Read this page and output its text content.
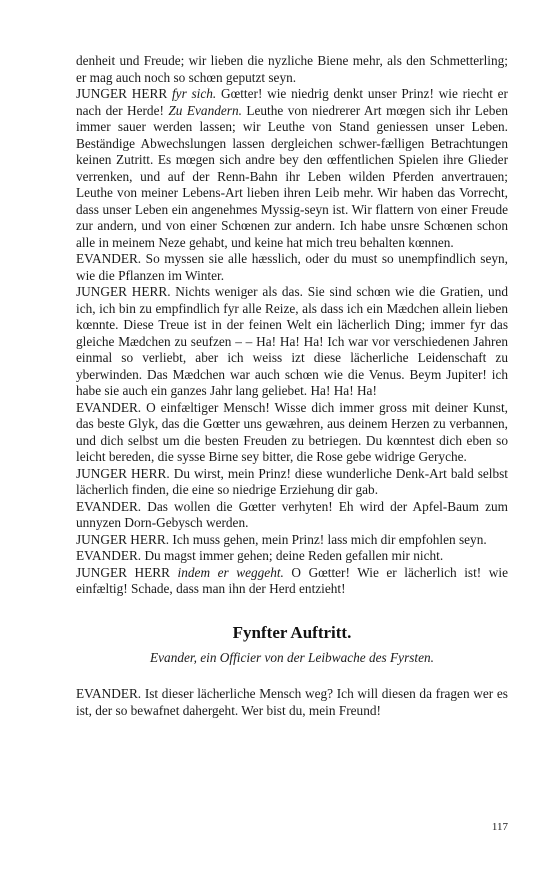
denheit und Freude; wir lieben die nyzliche Biene mehr, als den Schmetterling; er mag auch noch so schœn geputzt seyn.

JUNGER HERR fyr sich. Gœtter! wie niedrig denkt unser Prinz! wie riecht er nach der Herde! Zu Evandern. Leuthe von niedrerer Art mœgen sich ihr Leben immer sauer werden lassen; wir Leuthe von Stand geniessen unser Leben. Beständige Abwechslungen lassen dergleichen schwer-fælligen Betrachtungen keinen Zutritt. Es mœgen sich andre bey den œffentlichen Spielen ihre Glieder verrenken, und auf der Renn-Bahn ihr Leben wilden Pferden anvertrauen; Leuthe von meiner Lebens-Art lieben ihren Leib mehr. Wir haben das Vorrecht, dass unser Leben ein angenehmes Myssig-seyn ist. Wir flattern von einer Freude zur andern, und von einer Schœnen zur andern. Ich habe unsre Schœnen schon alle in meinem Neze gehabt, und keine hat mich treu behalten kœnnen.

EVANDER. So myssen sie alle hæsslich, oder du must so unempfindlich seyn, wie die Pflanzen im Winter.

JUNGER HERR. Nichts weniger als das. Sie sind schœn wie die Gratien, und ich, ich bin zu empfindlich fyr alle Reize, als dass ich ein Mædchen allein lieben kœnnte. Diese Treue ist in der feinen Welt ein lächerlich Ding; immer fyr das gleiche Mædchen zu seufzen – – Ha! Ha! Ha! Ich war vor verschiedenen Jahren einmal so verliebt, aber ich weiss izt diese lächerliche Leidenschaft zu yberwinden. Das Mædchen war auch schœn wie die Venus. Beym Jupiter! ich habe sie auch ein ganzes Jahr lang geliebet. Ha! Ha! Ha!

EVANDER. O einfæltiger Mensch! Wisse dich immer gross mit deiner Kunst, das beste Glyk, das die Gœtter uns gewæhren, aus deinem Herzen zu verbannen, und dich selbst um die besten Freuden zu betriegen. Du kœnntest dich eben so leicht bereden, die sysse Birne sey bitter, die Rose gebe widrige Geryche.

JUNGER HERR. Du wirst, mein Prinz! diese wunderliche Denk-Art bald selbst lächerlich finden, die eine so niedrige Erziehung dir gab.

EVANDER. Das wollen die Gœtter verhyten! Eh wird der Apfel-Baum zum unnyzen Dorn-Gebysch werden.

JUNGER HERR. Ich muss gehen, mein Prinz! lass mich dir empfohlen seyn.

EVANDER. Du magst immer gehen; deine Reden gefallen mir nicht.

JUNGER HERR indem er weggeht. O Gœtter! Wie er lächerlich ist! wie einfæltig! Schade, dass man ihn der Herd entzieht!

Fynfter Auftritt.

Evander, ein Officier von der Leibwache des Fyrsten.

EVANDER. Ist dieser lächerliche Mensch weg? Ich will diesen da fragen wer es ist, der so bewafnet dahergeht. Wer bist du, mein Freund!

117
